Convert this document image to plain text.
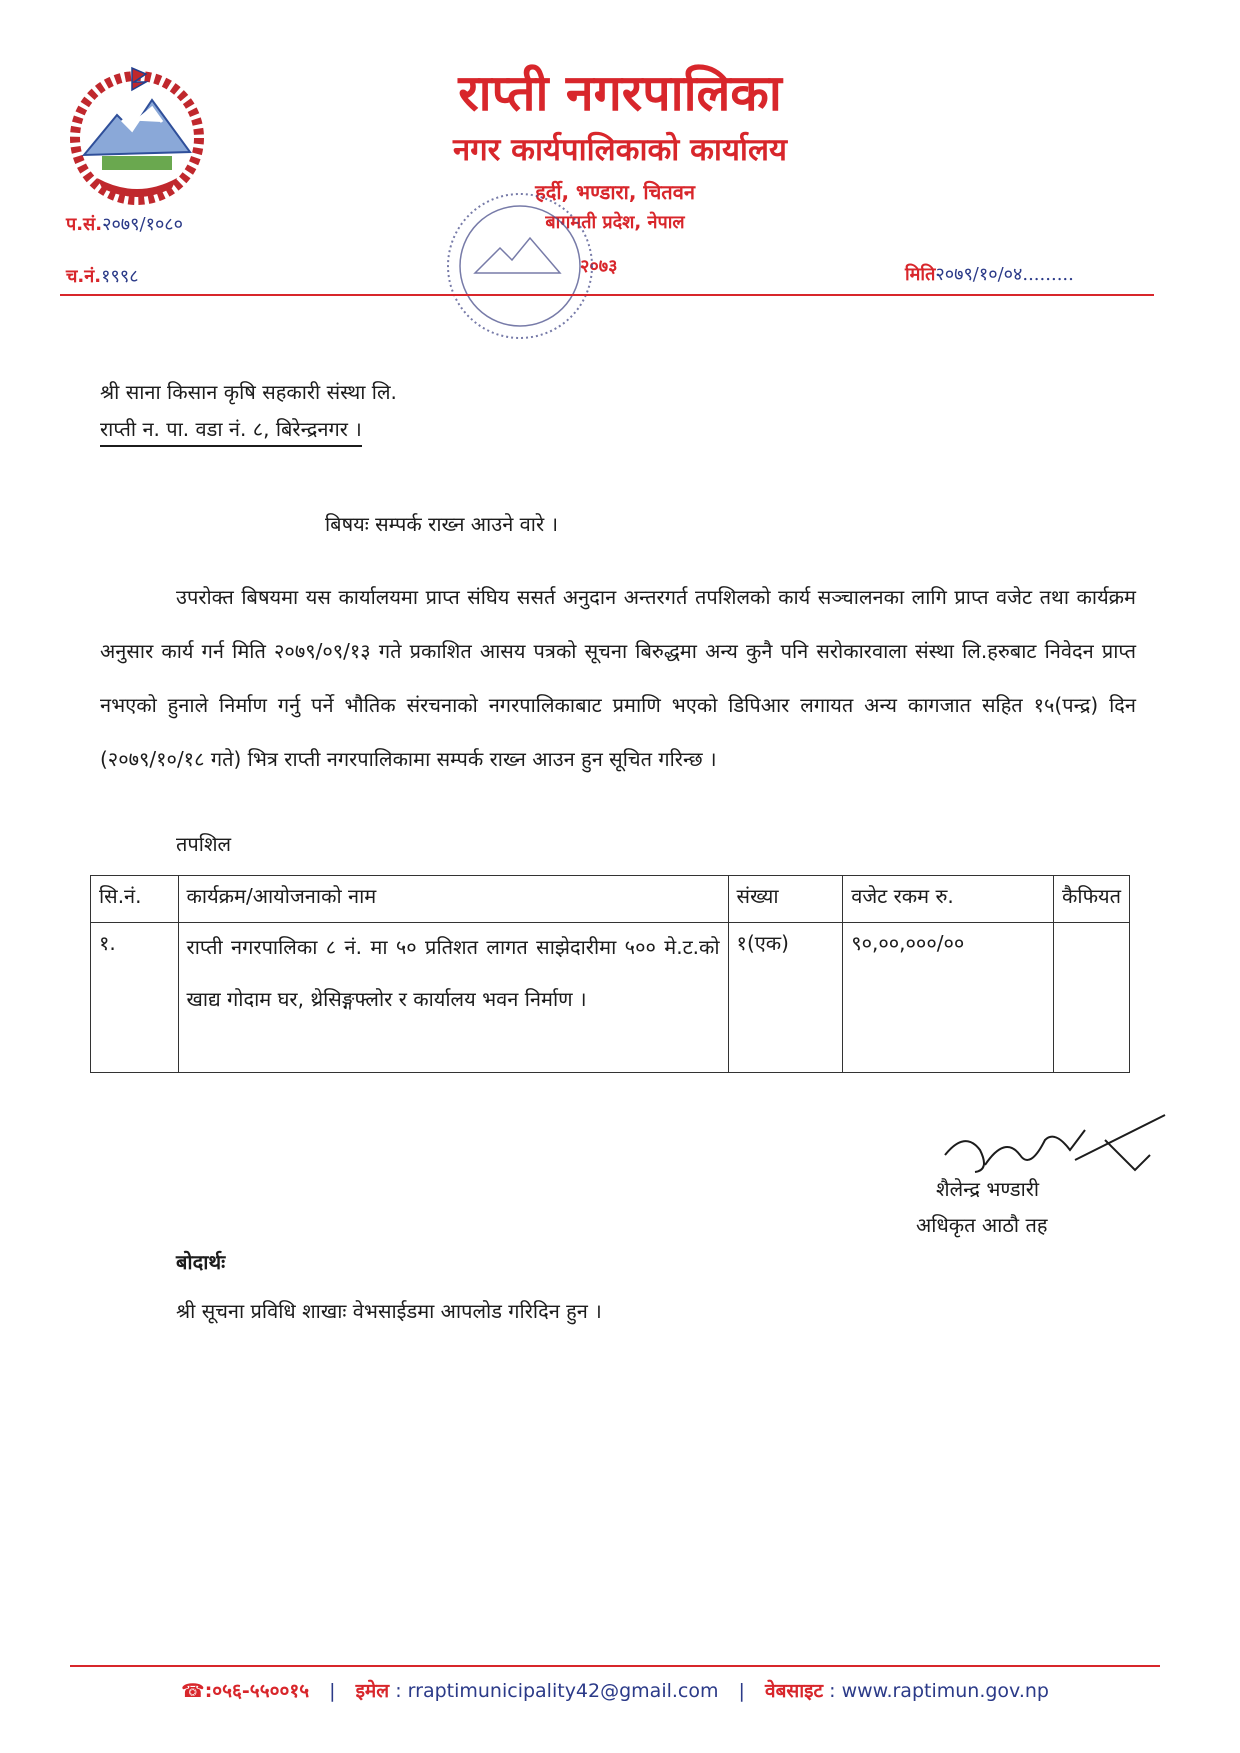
राप्ती नगरपालिका
नगर कार्यपालिकाको कार्यालय
हर्दी, भण्डारा, चितवन
बागमती प्रदेश, नेपाल
२०७३
प.सं.२०७९/१०८०
च.नं.१९९८	मिति२०७९/१०/०४.........
श्री साना किसान कृषि सहकारी संस्था लि.
राप्ती न. पा. वडा नं. ८, बिरेन्द्रनगर ।
बिषयः सम्पर्क राख्न आउने वारे ।
उपरोक्त बिषयमा यस कार्यालयमा प्राप्त संघिय ससर्त अनुदान अन्तरगर्त तपशिलको कार्य सञ्चालनका लागि प्राप्त वजेट तथा कार्यक्रम अनुसार कार्य गर्न मिति २०७९/०९/१३ गते प्रकाशित आसय पत्रको सूचना बिरुद्धमा अन्य कुनै पनि सरोकारवाला संस्था लि.हरुबाट निवेदन प्राप्त नभएको हुनाले निर्माण गर्नु पर्ने भौतिक संरचनाको नगरपालिकाबाट प्रमाणि भएको डिपिआर लगायत अन्य कागजात सहित १५(पन्द्र) दिन (२०७९/१०/१८ गते) भित्र राप्ती नगरपालिकामा सम्पर्क राख्न आउन हुन सूचित गरिन्छ ।
तपशिल
सि.नं.	कार्यक्रम/आयोजनाको नाम	संख्या	वजेट रकम रु.	कैफियत
१.	राप्ती नगरपालिका ८ नं. मा ५० प्रतिशत लागत साझेदारीमा ५०० मे.ट.को खाद्य गोदाम घर, थ्रेसिङ्गफ्लोर र कार्यालय भवन निर्माण ।	१(एक)	९०,००,०००/००	
शैलेन्द्र भण्डारी
अधिकृत आठौ तह
बोदार्थः
श्री सूचना प्रविधि शाखाः वेभसाईडमा आपलोड गरिदिन हुन ।
☎:०५६-५५००१५ | इमेल : rraptimunicipality42@gmail.com | वेबसाइट : www.raptimun.gov.np
